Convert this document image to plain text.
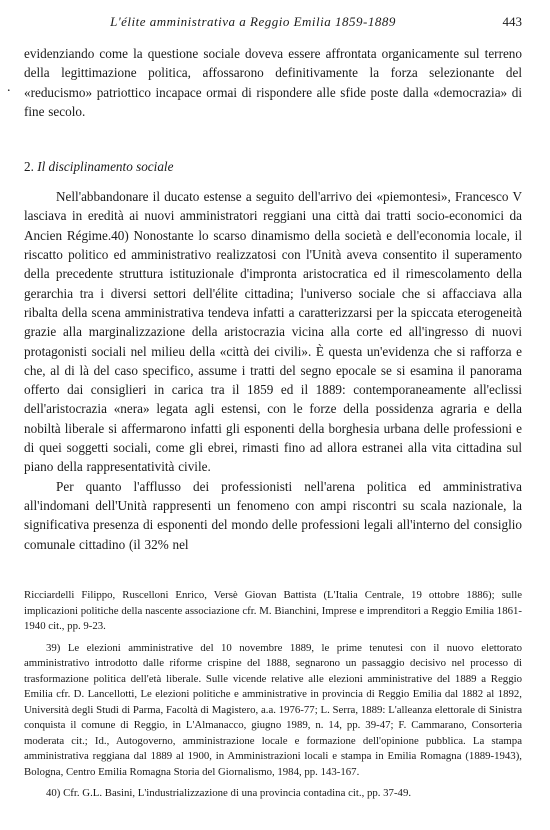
L'élite amministrativa a Reggio Emilia 1859-1889	443
.

evidenziando come la questione sociale doveva essere affrontata organicamente sul terreno della legittimazione politica, affossarono definitivamente la forza selezionante del «reducismo» patriottico incapace ormai di rispondere alle sfide poste dalla «democrazia» di fine secolo.

2. Il disciplinamento sociale

Nell'abbandonare il ducato estense a seguito dell'arrivo dei «piemontesi», Francesco V lasciava in eredità ai nuovi amministratori reggiani una città dai tratti socio-economici da Ancien Régime.40) Nonostante lo scarso dinamismo della società e dell'economia locale, il riscatto politico ed amministrativo realizzatosi con l'Unità aveva consentito il superamento della precedente struttura istituzionale d'impronta aristocratica ed il rimescolamento della gerarchia tra i diversi settori dell'élite cittadina; l'universo sociale che si affacciava alla ribalta della scena amministrativa tendeva infatti a caratterizzarsi per la spiccata eterogeneità grazie alla marginalizzazione della aristocrazia vicina alla corte ed all'ingresso di nuovi protagonisti sociali nel milieu della «città dei civili». È questa un'evidenza che si rafforza e che, al di là del caso specifico, assume i tratti del segno epocale se si esamina il panorama offerto dai consiglieri in carica tra il 1859 ed il 1889: contemporaneamente all'eclissi dell'aristocrazia «nera» legata agli estensi, con le forze della possidenza agraria e della nobiltà liberale si affermarono infatti gli esponenti della borghesia urbana delle professioni e di quei soggetti sociali, come gli ebrei, rimasti fino ad allora estranei alla vita cittadina sul piano della rappresentatività civile.

Per quanto l'afflusso dei professionisti nell'arena politica ed amministrativa all'indomani dell'Unità rappresenti un fenomeno con ampi riscontri su scala nazionale, la significativa presenza di esponenti del mondo delle professioni legali all'interno del consiglio comunale cittadino (il 32% nel

Ricciardelli Filippo, Ruscelloni Enrico, Versè Giovan Battista (L'Italia Centrale, 19 ottobre 1886); sulle implicazioni politiche della nascente associazione cfr. M. Bianchini, Imprese e imprenditori a Reggio Emilia 1861-1940 cit., pp. 9-23.

39) Le elezioni amministrative del 10 novembre 1889, le prime tenutesi con il nuovo elettorato amministrativo introdotto dalle riforme crispine del 1888, segnarono un passaggio decisivo nel processo di trasformazione politica dell'età liberale. Sulle vicende relative alle elezioni amministrative del 1889 a Reggio Emilia cfr. D. Lancellotti, Le elezioni politiche e amministrative in provincia di Reggio Emilia dal 1882 al 1892, Università degli Studi di Parma, Facoltà di Magistero, a.a. 1976-77; L. Serra, 1889: L'alleanza elettorale di Sinistra conquista il comune di Reggio, in L'Almanacco, giugno 1989, n. 14, pp. 39-47; F. Cammarano, Consorteria moderata cit.; Id., Autogoverno, amministrazione locale e formazione dell'opinione pubblica. La stampa amministrativa reggiana dal 1889 al 1900, in Amministrazioni locali e stampa in Emilia Romagna (1889-1943), Bologna, Centro Emilia Romagna Storia del Giornalismo, 1984, pp. 143-167.

40) Cfr. G.L. Basini, L'industrializzazione di una provincia contadina cit., pp. 37-49.
